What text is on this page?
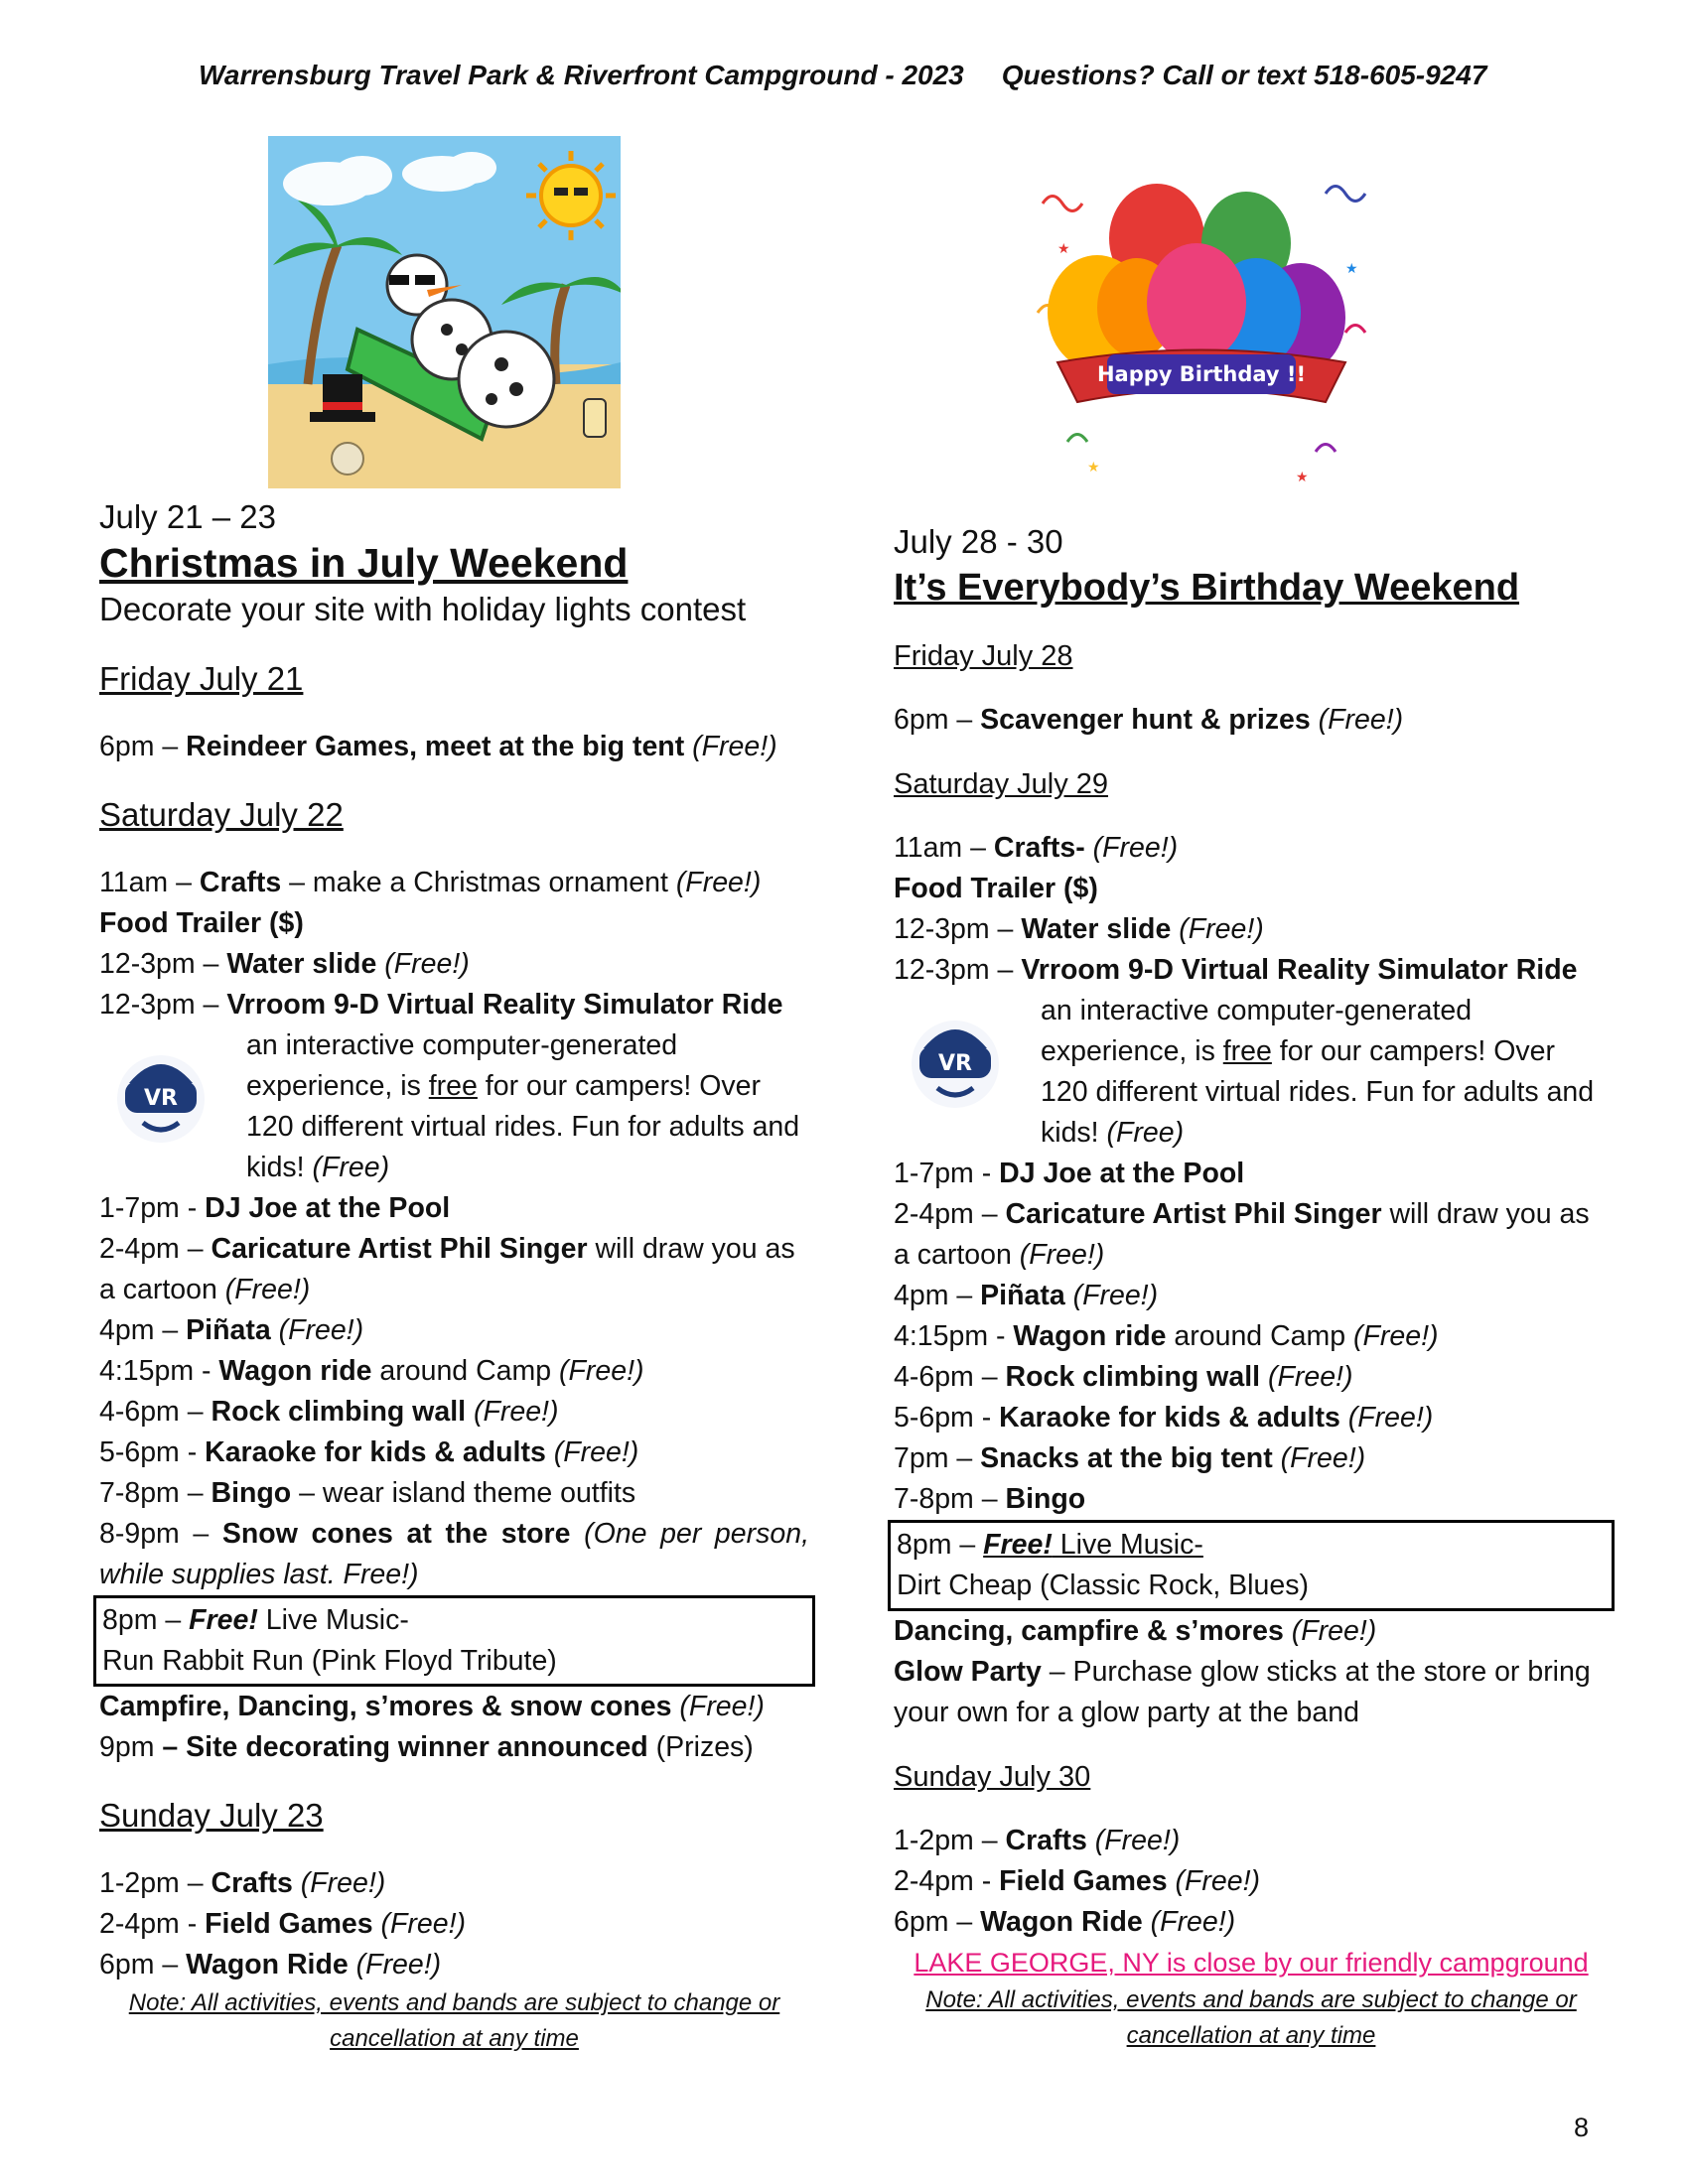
Warrensburg Travel Park & Riverfront Campground - 2023 Questions? Call or text 518-605-9247
★
★
★
★
Happy Birthday !!
July 21 – 23
Christmas in July Weekend
Decorate your site with holiday lights contest
Friday July 21
6pm – Reindeer Games, meet at the big tent (Free!)
Saturday July 22
11am – Crafts – make a Christmas ornament (Free!)
Food Trailer ($)
12-3pm – Water slide (Free!)
12-3pm – Vrroom 9-D Virtual Reality Simulator Ride
VR
an interactive computer-generated experience, is free for our campers! Over 120 different virtual rides. Fun for adults and kids! (Free)
1-7pm - DJ Joe at the Pool
2-4pm – Caricature Artist Phil Singer will draw you as a cartoon (Free!)
4pm – Piñata (Free!)
4:15pm - Wagon ride around Camp (Free!)
4-6pm – Rock climbing wall (Free!)
5-6pm - Karaoke for kids & adults (Free!)
7-8pm – Bingo – wear island theme outfits
8-9pm – Snow cones at the store (One per person, while supplies last. Free!)
8pm – Free! Live Music-
Run Rabbit Run (Pink Floyd Tribute)
Campfire, Dancing, s’mores & snow cones (Free!)
9pm – Site decorating winner announced (Prizes)
Sunday July 23
1-2pm – Crafts (Free!)
2-4pm - Field Games (Free!)
6pm – Wagon Ride (Free!)
Note: All activities, events and bands are subject to change or cancellation at any time
July 28 - 30
It’s Everybody’s Birthday Weekend
Friday July 28
6pm – Scavenger hunt & prizes (Free!)
Saturday July 29
11am – Crafts- (Free!)
Food Trailer ($)
12-3pm – Water slide (Free!)
12-3pm – Vrroom 9-D Virtual Reality Simulator Ride
VR
an interactive computer-generated experience, is free for our campers! Over 120 different virtual rides. Fun for adults and kids! (Free)
1-7pm - DJ Joe at the Pool
2-4pm – Caricature Artist Phil Singer will draw you as a cartoon (Free!)
4pm – Piñata (Free!)
4:15pm - Wagon ride around Camp (Free!)
4-6pm – Rock climbing wall (Free!)
5-6pm - Karaoke for kids & adults (Free!)
7pm – Snacks at the big tent (Free!)
7-8pm – Bingo
8pm – Free! Live Music-
Dirt Cheap (Classic Rock, Blues)
Dancing, campfire & s’mores (Free!)
Glow Party – Purchase glow sticks at the store or bring your own for a glow party at the band
Sunday July 30
1-2pm – Crafts (Free!)
2-4pm - Field Games (Free!)
6pm – Wagon Ride (Free!)
LAKE GEORGE, NY is close by our friendly campground
Note: All activities, events and bands are subject to change or cancellation at any time
8
